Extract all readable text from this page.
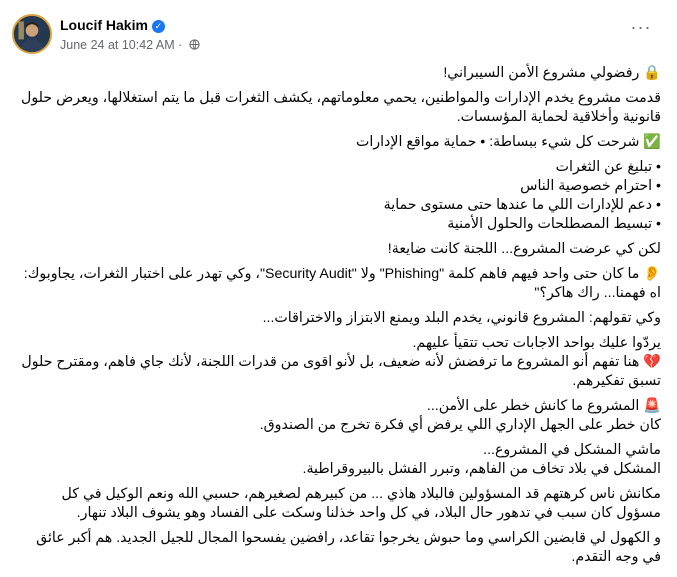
Loucif Hakim ✓
June 24 at 10:42 AM ·
···

🔒 رفضولي مشروع الأمن السيبراني!

قدمت مشروع يخدم الإدارات والمواطنين، يحمي معلوماتهم، يكشف الثغرات قبل ما يتم استغلالها، ويعرض حلول قانونية وأخلاقية لحماية المؤسسات.

✅ شرحت كل شيء ببساطة: • حماية مواقع الإدارات

• تبليغ عن الثغرات
• احترام خصوصية الناس
• دعم للإدارات اللي ما عندها حتى مستوى حماية
• تبسيط المصطلحات والحلول الأمنية

لكن كي عرضت المشروع... اللجنة كانت ضايعة!

👂 ما كان حتى واحد فيهم فاهم كلمة "Phishing" ولا "Security Audit"، وكي تهدر على اختبار الثغرات، يجاوبوك:
اه فهمنا... راك هاكر؟"

وكي تقولهم: المشروع قانوني، يخدم البلد ويمنع الابتزاز والاختراقات...

يردّوا عليك بواحد الاجابات تحب تتقيأ عليهم.
💔 هنا تفهم أنو المشروع ما ترفضش لأنه ضعيف، بل لأنو اقوى من قدرات اللجنة، لأنك جاي فاهم، ومقترح حلول تسبق تفكيرهم.

🚨 المشروع ما كانش خطر على الأمن...
كان خطر على الجهل الإداري اللي يرفض أي فكرة تخرج من الصندوق.

ماشي المشكل في المشروع...
المشكل في بلاد تخاف من الفاهم، وتبرر الفشل بالبيروقراطية.

مكانش ناس كرهتهم قد المسؤولين فالبلاد هاذي ... من كبيرهم لصغيرهم، حسبي الله ونعم الوكيل في كل مسؤول كان سبب في تدهور حال البلاد، في كل واحد خذلنا وسكت على الفساد وهو يشوف البلاد تنهار.

و الكهول لي قابضين الكراسي وما حبوش يخرجوا تقاعد، رافضين يفسحوا المجال للجيل الجديد. هم أكبر عائق في وجه التقدم.
